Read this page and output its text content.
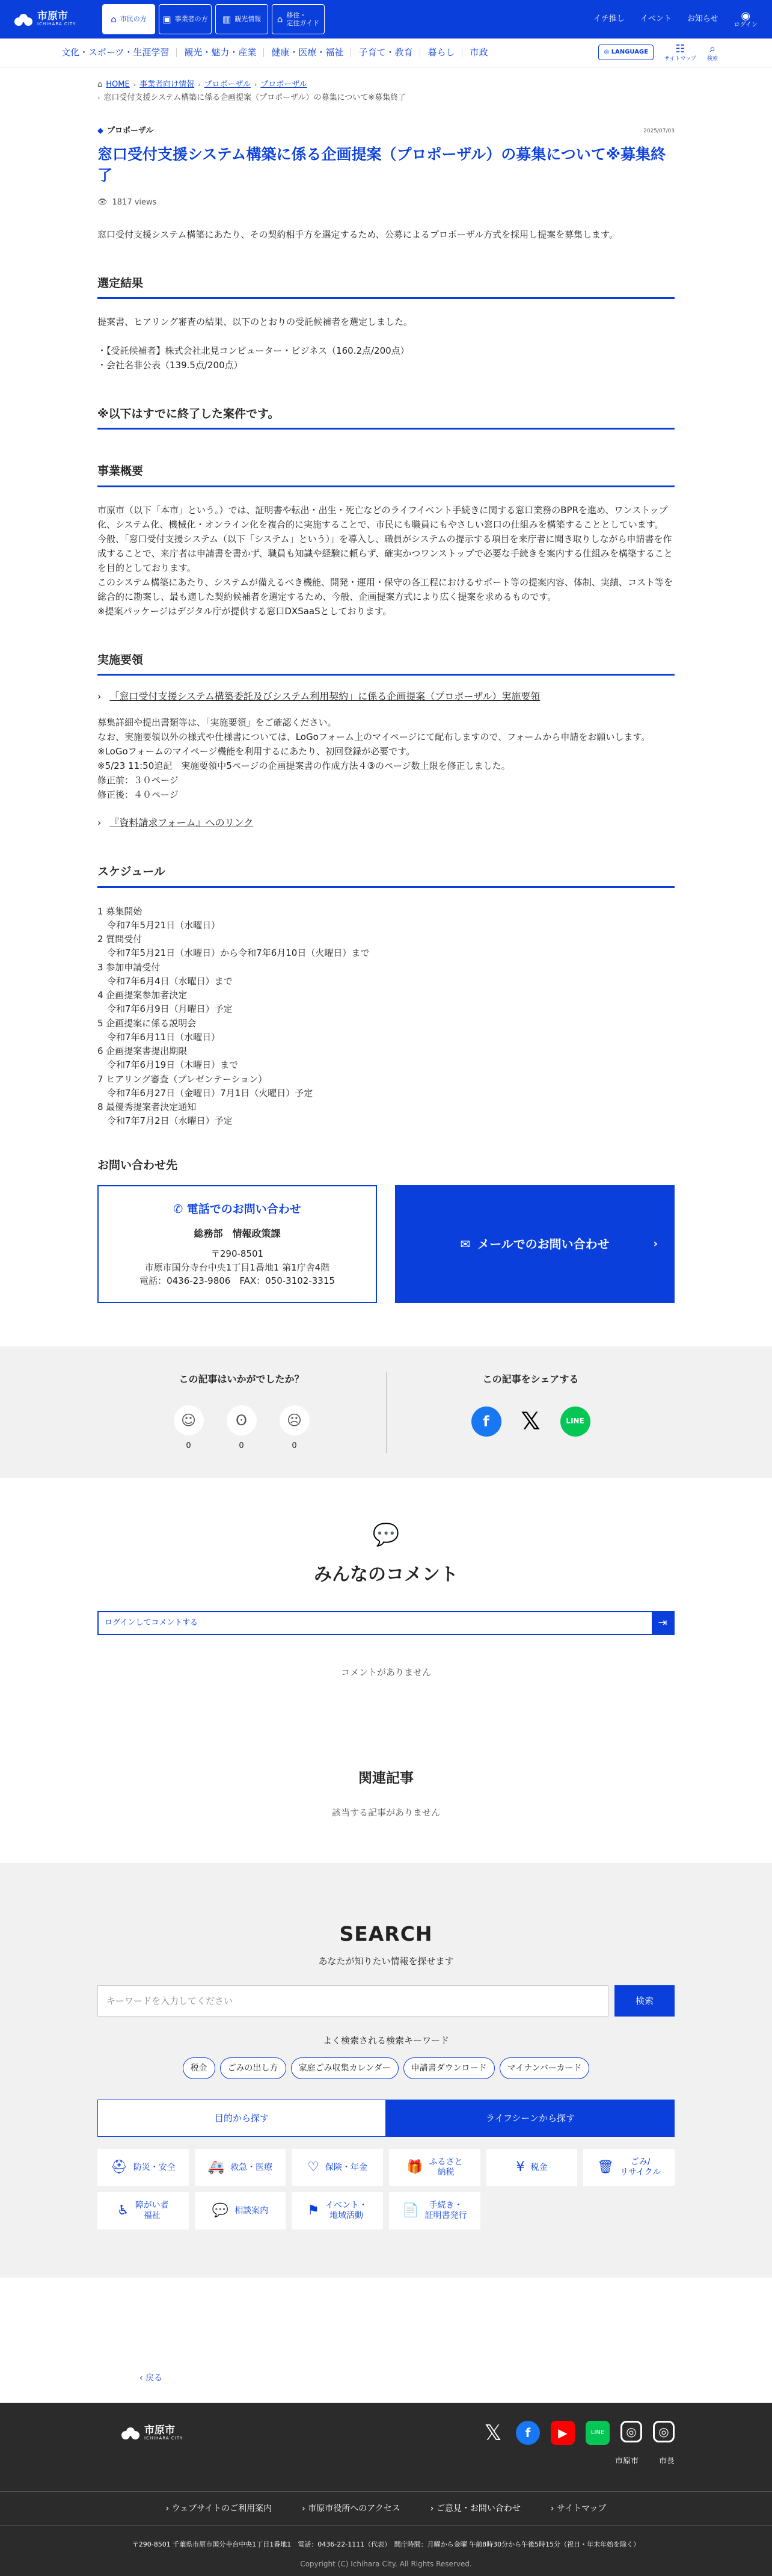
市原市
ICHIHARA CITY	⌂ 市民の方 ▣ 事業者の方 ▥ 観光情報 ⌂ 移住・
定住ガイド	イチ推し イベント お知らせ ◉
ログイン
文化・スポーツ・生涯学習	観光・魅力・産業	健康・医療・福祉	子育て・教育	暮らし	市政	◎ LANGUAGE	☷
サイトマップ
⌕
検索
⌂ HOME › 事業者向け情報 › プロポーザル › プロポーザル
› 窓口受付支援システム構築に係る企画提案（プロポーザル）の募集について※募集終了
◆ プロポーザル	2025/07/03
窓口受付支援システム構築に係る企画提案（プロポーザル）の募集について※募集終了
👁 1817 views

窓口受付支援システム構築にあたり、その契約相手方を選定するため、公募によるプロポーザル方式を採用し提案を募集します。

選定結果

提案書、ヒアリング審査の結果、以下のとおりの受託候補者を選定しました。

・【受託候補者】株式会社北見コンピューター・ビジネス（160.2点/200点）
・会社名非公表（139.5点/200点）
※以下はすでに終了した案件です。
事業概要
市原市（以下「本市」という。）では、証明書や転出・出生・死亡などのライフイベント手続きに関する窓口業務のBPRを進め、ワンストップ化、システム化、機械化・オンライン化を複合的に実施することで、市民にも職員にもやさしい窓口の仕組みを構築することとしています。
今般、「窓口受付支援システム（以下「システム」という）」を導入し、職員がシステムの提示する項目を来庁者に聞き取りしながら申請書を作成することで、来庁者は申請書を書かず、職員も知識や経験に頼らず、確実かつワンストップで必要な手続きを案内する仕組みを構築することを目的としております。
このシステム構築にあたり、システムが備えるべき機能、開発・運用・保守の各工程におけるサポート等の提案内容、体制、実績、コスト等を総合的に勘案し、最も適した契約候補者を選定するため、今般、企画提案方式により広く提案を求めるものです。
※提案パッケージはデジタル庁が提供する窓口DXSaaSとしております。
実施要領
› 「窓口受付支援システム構築委託及びシステム利用契約」に係る企画提案（プロポーザル）実施要領
募集詳細や提出書類等は、「実施要領」をご確認ください。
なお、実施要領以外の様式や仕様書については、LoGoフォーム上のマイページにて配布しますので、フォームから申請をお願いします。
※LoGoフォームのマイページ機能を利用するにあたり、初回登録が必要です。
※5/23 11:50追記　実施要領中5ページの企画提案書の作成方法４③のページ数上限を修正しました。
修正前：３０ページ
修正後：４０ページ
› 『資料請求フォーム』へのリンク
スケジュール
1 募集開始
令和7年5月21日（水曜日）
2 質問受付
令和7年5月21日（水曜日）から令和7年6月10日（火曜日）まで
3 参加申請受付
令和7年6月4日（水曜日）まで
4 企画提案参加者決定
令和7年6月9日（月曜日）予定
5 企画提案に係る説明会
令和7年6月11日（水曜日）
6 企画提案書提出期限
令和7年6月19日（木曜日）まで
7 ヒアリング審査（プレゼンテーション）
令和7年6月27日（金曜日）7月1日（火曜日）予定
8 最優秀提案者決定通知
令和7年7月2日（水曜日）予定
お問い合わせ先
✆ 電話でのお問い合わせ
総務部　情報政策課
〒290-8501
市原市国分寺台中央1丁目1番地1 第1庁舎4階
電話：0436-23-9806　FAX：050-3102-3315
✉ メールでのお問い合わせ	›
この記事はいかがでしたか？
☺
0
ʘ
0
☹
0
この記事をシェアする
f	𝕏	LINE
💬
みんなのコメント
ログインしてコメントする	⇥
コメントがありません
関連記事
該当する記事がありません
SEARCH
あなたが知りたい情報を探せます
キーワードを入力してください	検索
よく検索される検索キーワード
税金	ごみの出し方	家庭ごみ収集カレンダー	申請書ダウンロード	マイナンバーカード
目的から探す	ライフシーンから探す
⛑ 防災・安全 🚑 救急・医療	♡ 保険・年金	🎁 ふるさと
納税	¥ 税金	🗑	ごみ/
リサイクル
♿ 障がい者
福祉	💬 相談案内	⚑ イベント・
地域活動	📄	手続き・
証明書発行
‹ 戻る
市原市
ICHIHARA CITY	𝕏	f	▶	LINE	◎	◎
市原市	市長
› ウェブサイトのご利用案内	› 市原市役所へのアクセス	› ご意見・お問い合わせ	› サイトマップ
〒290-8501 千葉県市原市国分寺台中央1丁目1番地1　電話：0436-22-1111（代表）　開庁時間：月曜から金曜 午前8時30分から午後5時15分（祝日・年末年始を除く）
Copyright (C) Ichihara City. All Rights Reserved.
